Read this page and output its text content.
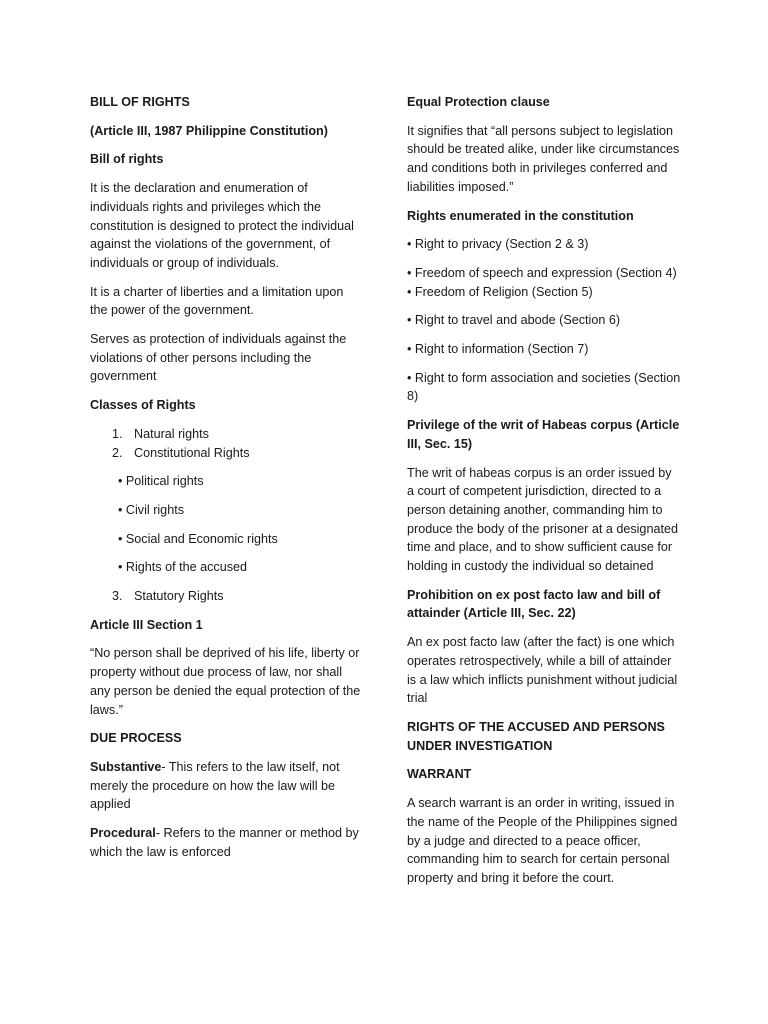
BILL OF RIGHTS

(Article III, 1987 Philippine Constitution)

Bill of rights

It is the declaration and enumeration of individuals rights and privileges which the constitution is designed to protect the individual against the violations of the government, of individuals or group of individuals.

It is a charter of liberties and a limitation upon the power of the government.

Serves as protection of individuals against the violations of other persons including the government

Classes of Rights

1. Natural rights
2. Constitutional Rights
• Political rights
• Civil rights
• Social and Economic rights
• Rights of the accused
3. Statutory Rights

Article III Section 1

“No person shall be deprived of his life, liberty or property without due process of law, nor shall any person be denied the equal protection of the laws.”

DUE PROCESS

Substantive- This refers to the law itself, not merely the procedure on how the law will be applied

Procedural- Refers to the manner or method by which the law is enforced

Equal Protection clause

It signifies that “all persons subject to legislation should be treated alike, under like circumstances and conditions both in privileges conferred and liabilities imposed.”

Rights enumerated in the constitution

• Right to privacy (Section 2 & 3)

• Freedom of speech and expression (Section 4)

• Freedom of Religion (Section 5)

• Right to travel and abode (Section 6)

• Right to information (Section 7)

• Right to form association and societies (Section 8)

Privilege of the writ of Habeas corpus (Article III, Sec. 15)

The writ of habeas corpus is an order issued by a court of competent jurisdiction, directed to a person detaining another, commanding him to produce the body of the prisoner at a designated time and place, and to show sufficient cause for holding in custody the individual so detained

Prohibition on ex post facto law and bill of attainder (Article III, Sec. 22)

An ex post facto law (after the fact) is one which operates retrospectively, while a bill of attainder is a law which inflicts punishment without judicial trial

RIGHTS OF THE ACCUSED AND PERSONS UNDER INVESTIGATION

WARRANT

A search warrant is an order in writing, issued in the name of the People of the Philippines signed by a judge and directed to a peace officer, commanding him to search for certain personal property and bring it before the court.
